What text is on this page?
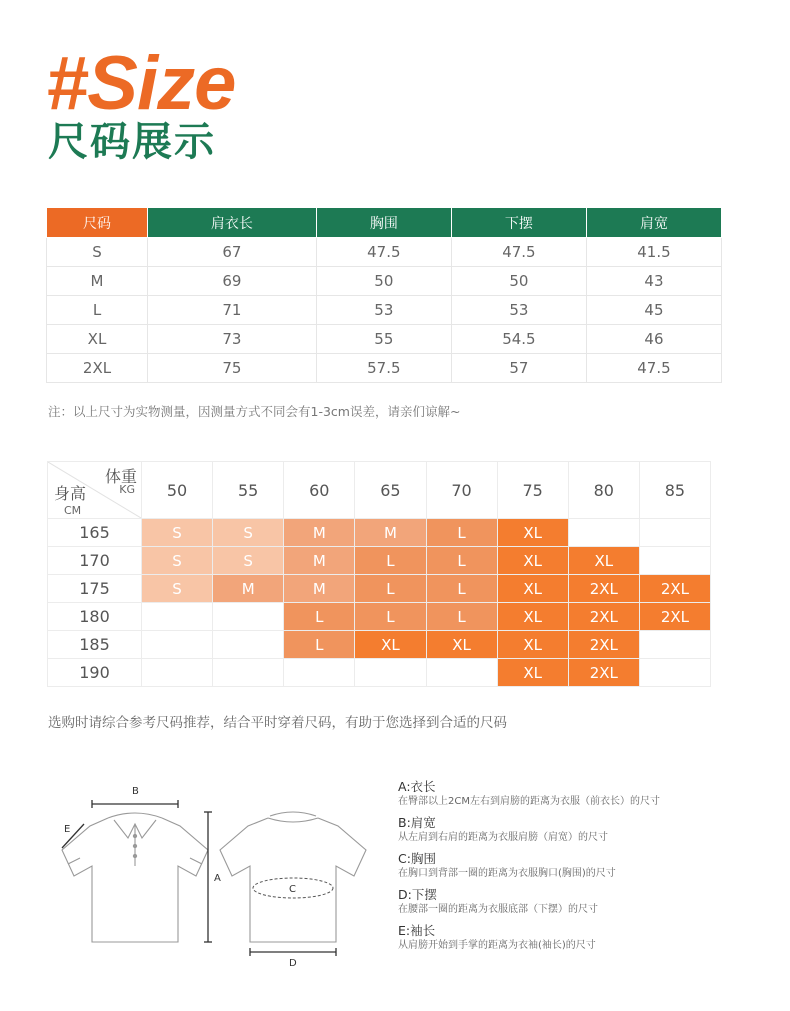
#Size
尺码展示
尺码	肩衣长	胸围	下摆	肩宽
S	67	47.5	47.5	41.5
M	69	50	50	43
L	71	53	53	45
XL	73	55	54.5	46
2XL	75	57.5	57	47.5
注：以上尺寸为实物测量，因测量方式不同会有1-3cm误差，请亲们谅解~
体重
KG
身高
CM	50	55	60	65	70	75	80	85
165	S	S	M	M	L	XL		
170	S	S	M	L	L	XL	XL	
175	S	M	M	L	L	XL	2XL	2XL
180			L	L	L	XL	2XL	2XL
185			L	XL	XL	XL	2XL	
190						XL	2XL	
选购时请综合参考尺码推荐，结合平时穿着尺码，有助于您选择到合适的尺码
B
A
C
D
E
A:衣长
在臀部以上2CM左右到肩膀的距离为衣服（前衣长）的尺寸
B:肩宽
从左肩到右肩的距离为衣服肩膀（肩宽）的尺寸
C:胸围
在胸口到背部一圈的距离为衣服胸口(胸围)的尺寸
D:下摆
在腰部一圈的距离为衣服底部（下摆）的尺寸
E:袖长
从肩膀开始到手掌的距离为衣袖(袖长)的尺寸
